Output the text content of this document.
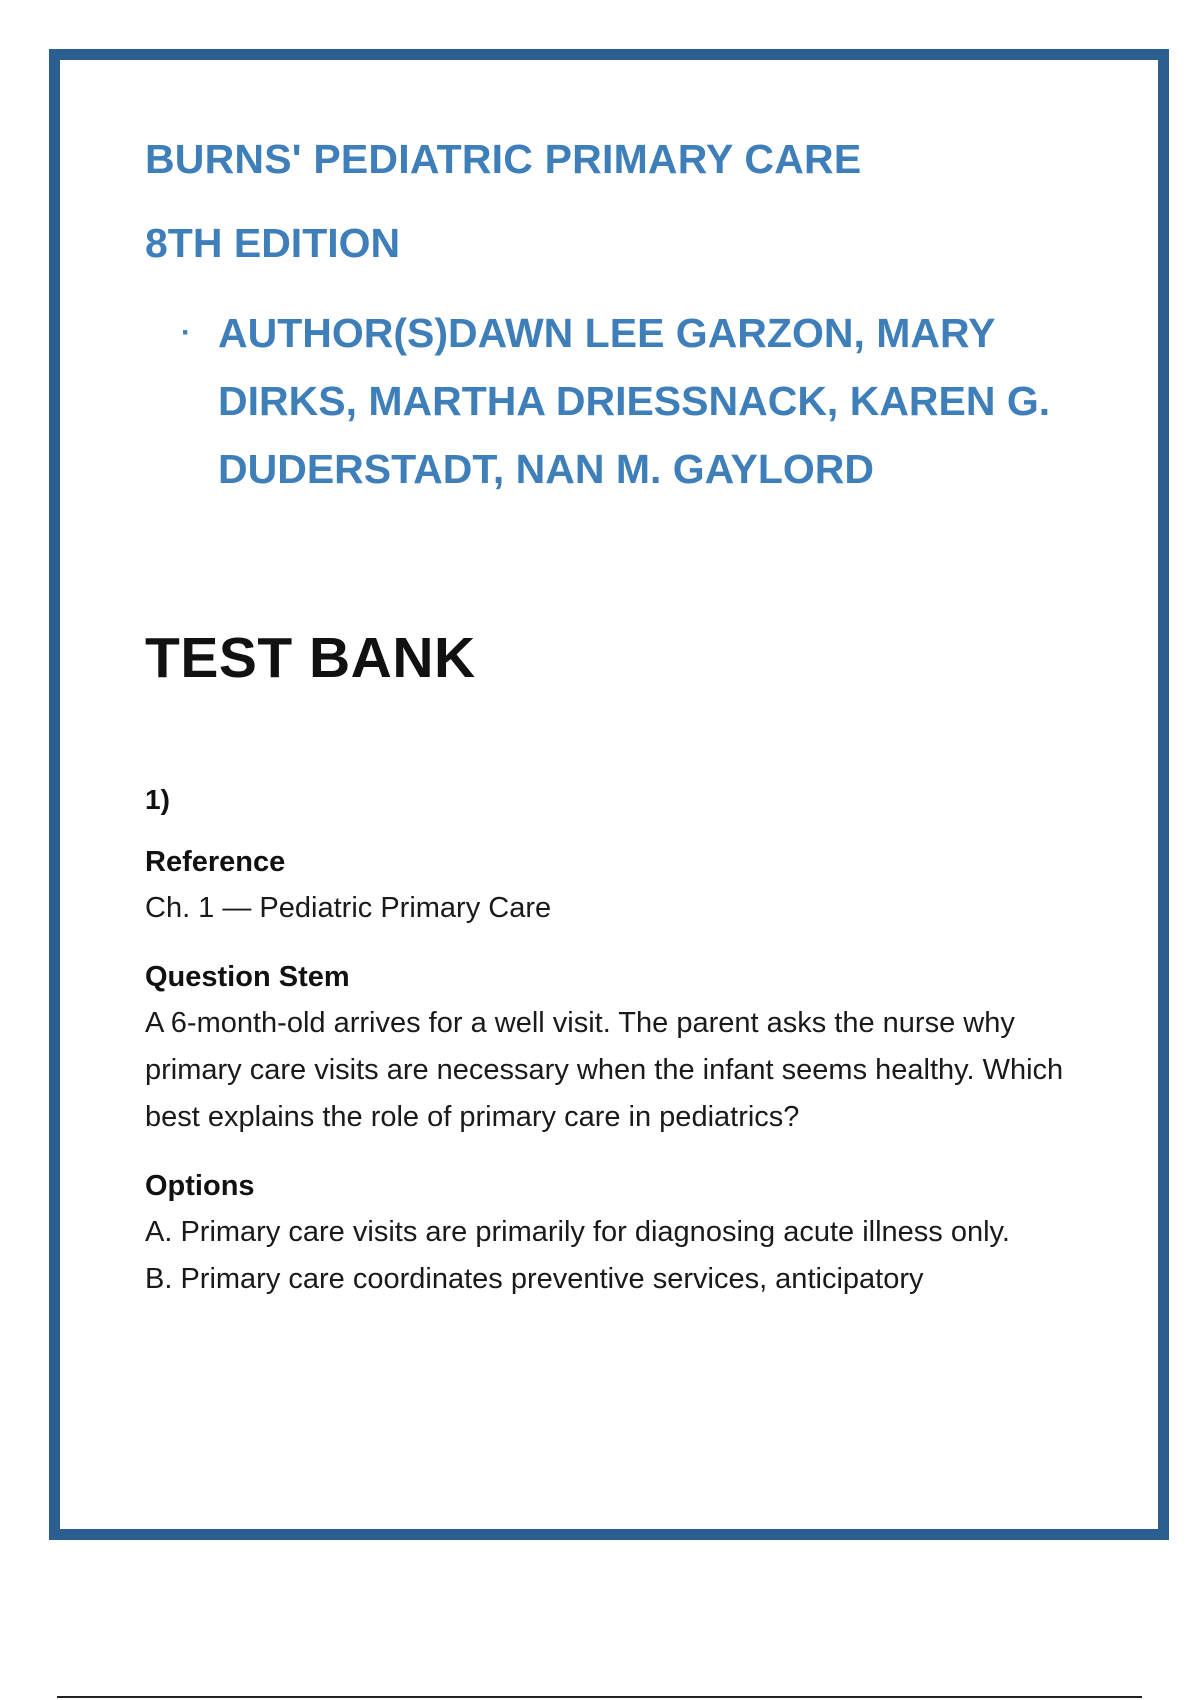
BURNS' PEDIATRIC PRIMARY CARE
8TH EDITION
· AUTHOR(S)DAWN LEE GARZON, MARY DIRKS, MARTHA DRIESSNACK, KAREN G. DUDERSTADT, NAN M. GAYLORD
TEST BANK
1)
Reference
Ch. 1 — Pediatric Primary Care
Question Stem
A 6-month-old arrives for a well visit. The parent asks the nurse why primary care visits are necessary when the infant seems healthy. Which best explains the role of primary care in pediatrics?
Options
A. Primary care visits are primarily for diagnosing acute illness only.
B. Primary care coordinates preventive services, anticipatory
